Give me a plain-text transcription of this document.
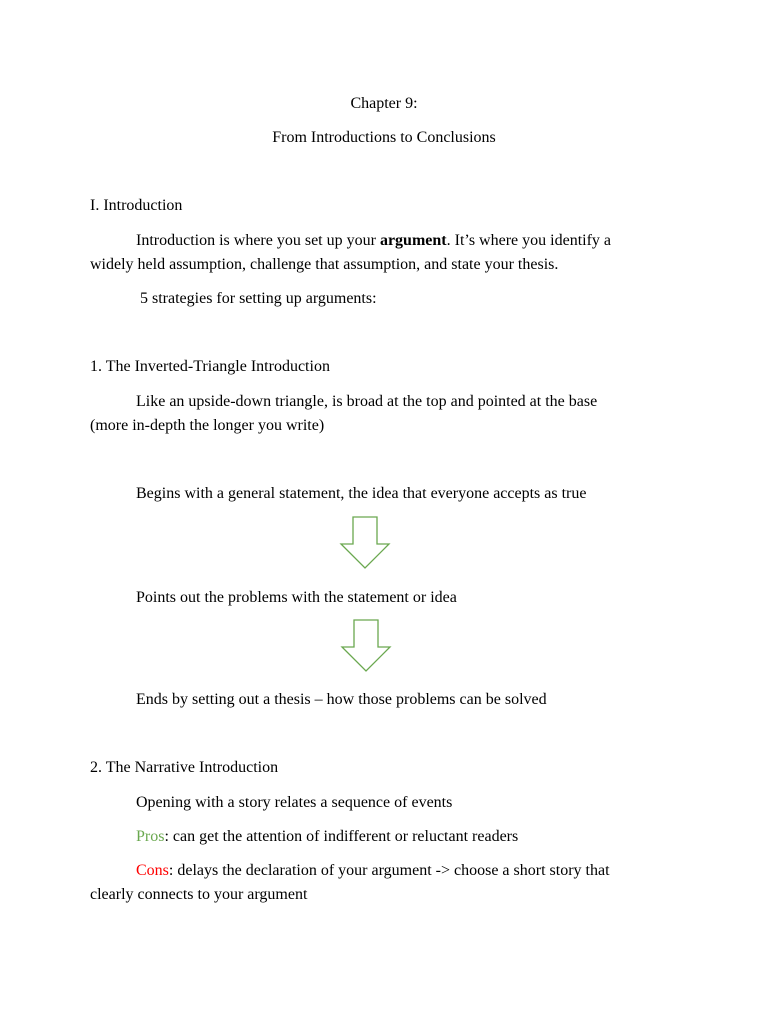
Chapter 9:
From Introductions to Conclusions
I. Introduction
Introduction is where you set up your argument. It’s where you identify a
widely held assumption, challenge that assumption, and state your thesis.
5 strategies for setting up arguments:
1. The Inverted-Triangle Introduction
Like an upside-down triangle, is broad at the top and pointed at the base
(more in-depth the longer you write)
Begins with a general statement, the idea that everyone accepts as true
Points out the problems with the statement or idea
Ends by setting out a thesis – how those problems can be solved
2. The Narrative Introduction
Opening with a story relates a sequence of events
Pros: can get the attention of indifferent or reluctant readers
Cons: delays the declaration of your argument -> choose a short story that
clearly connects to your argument
